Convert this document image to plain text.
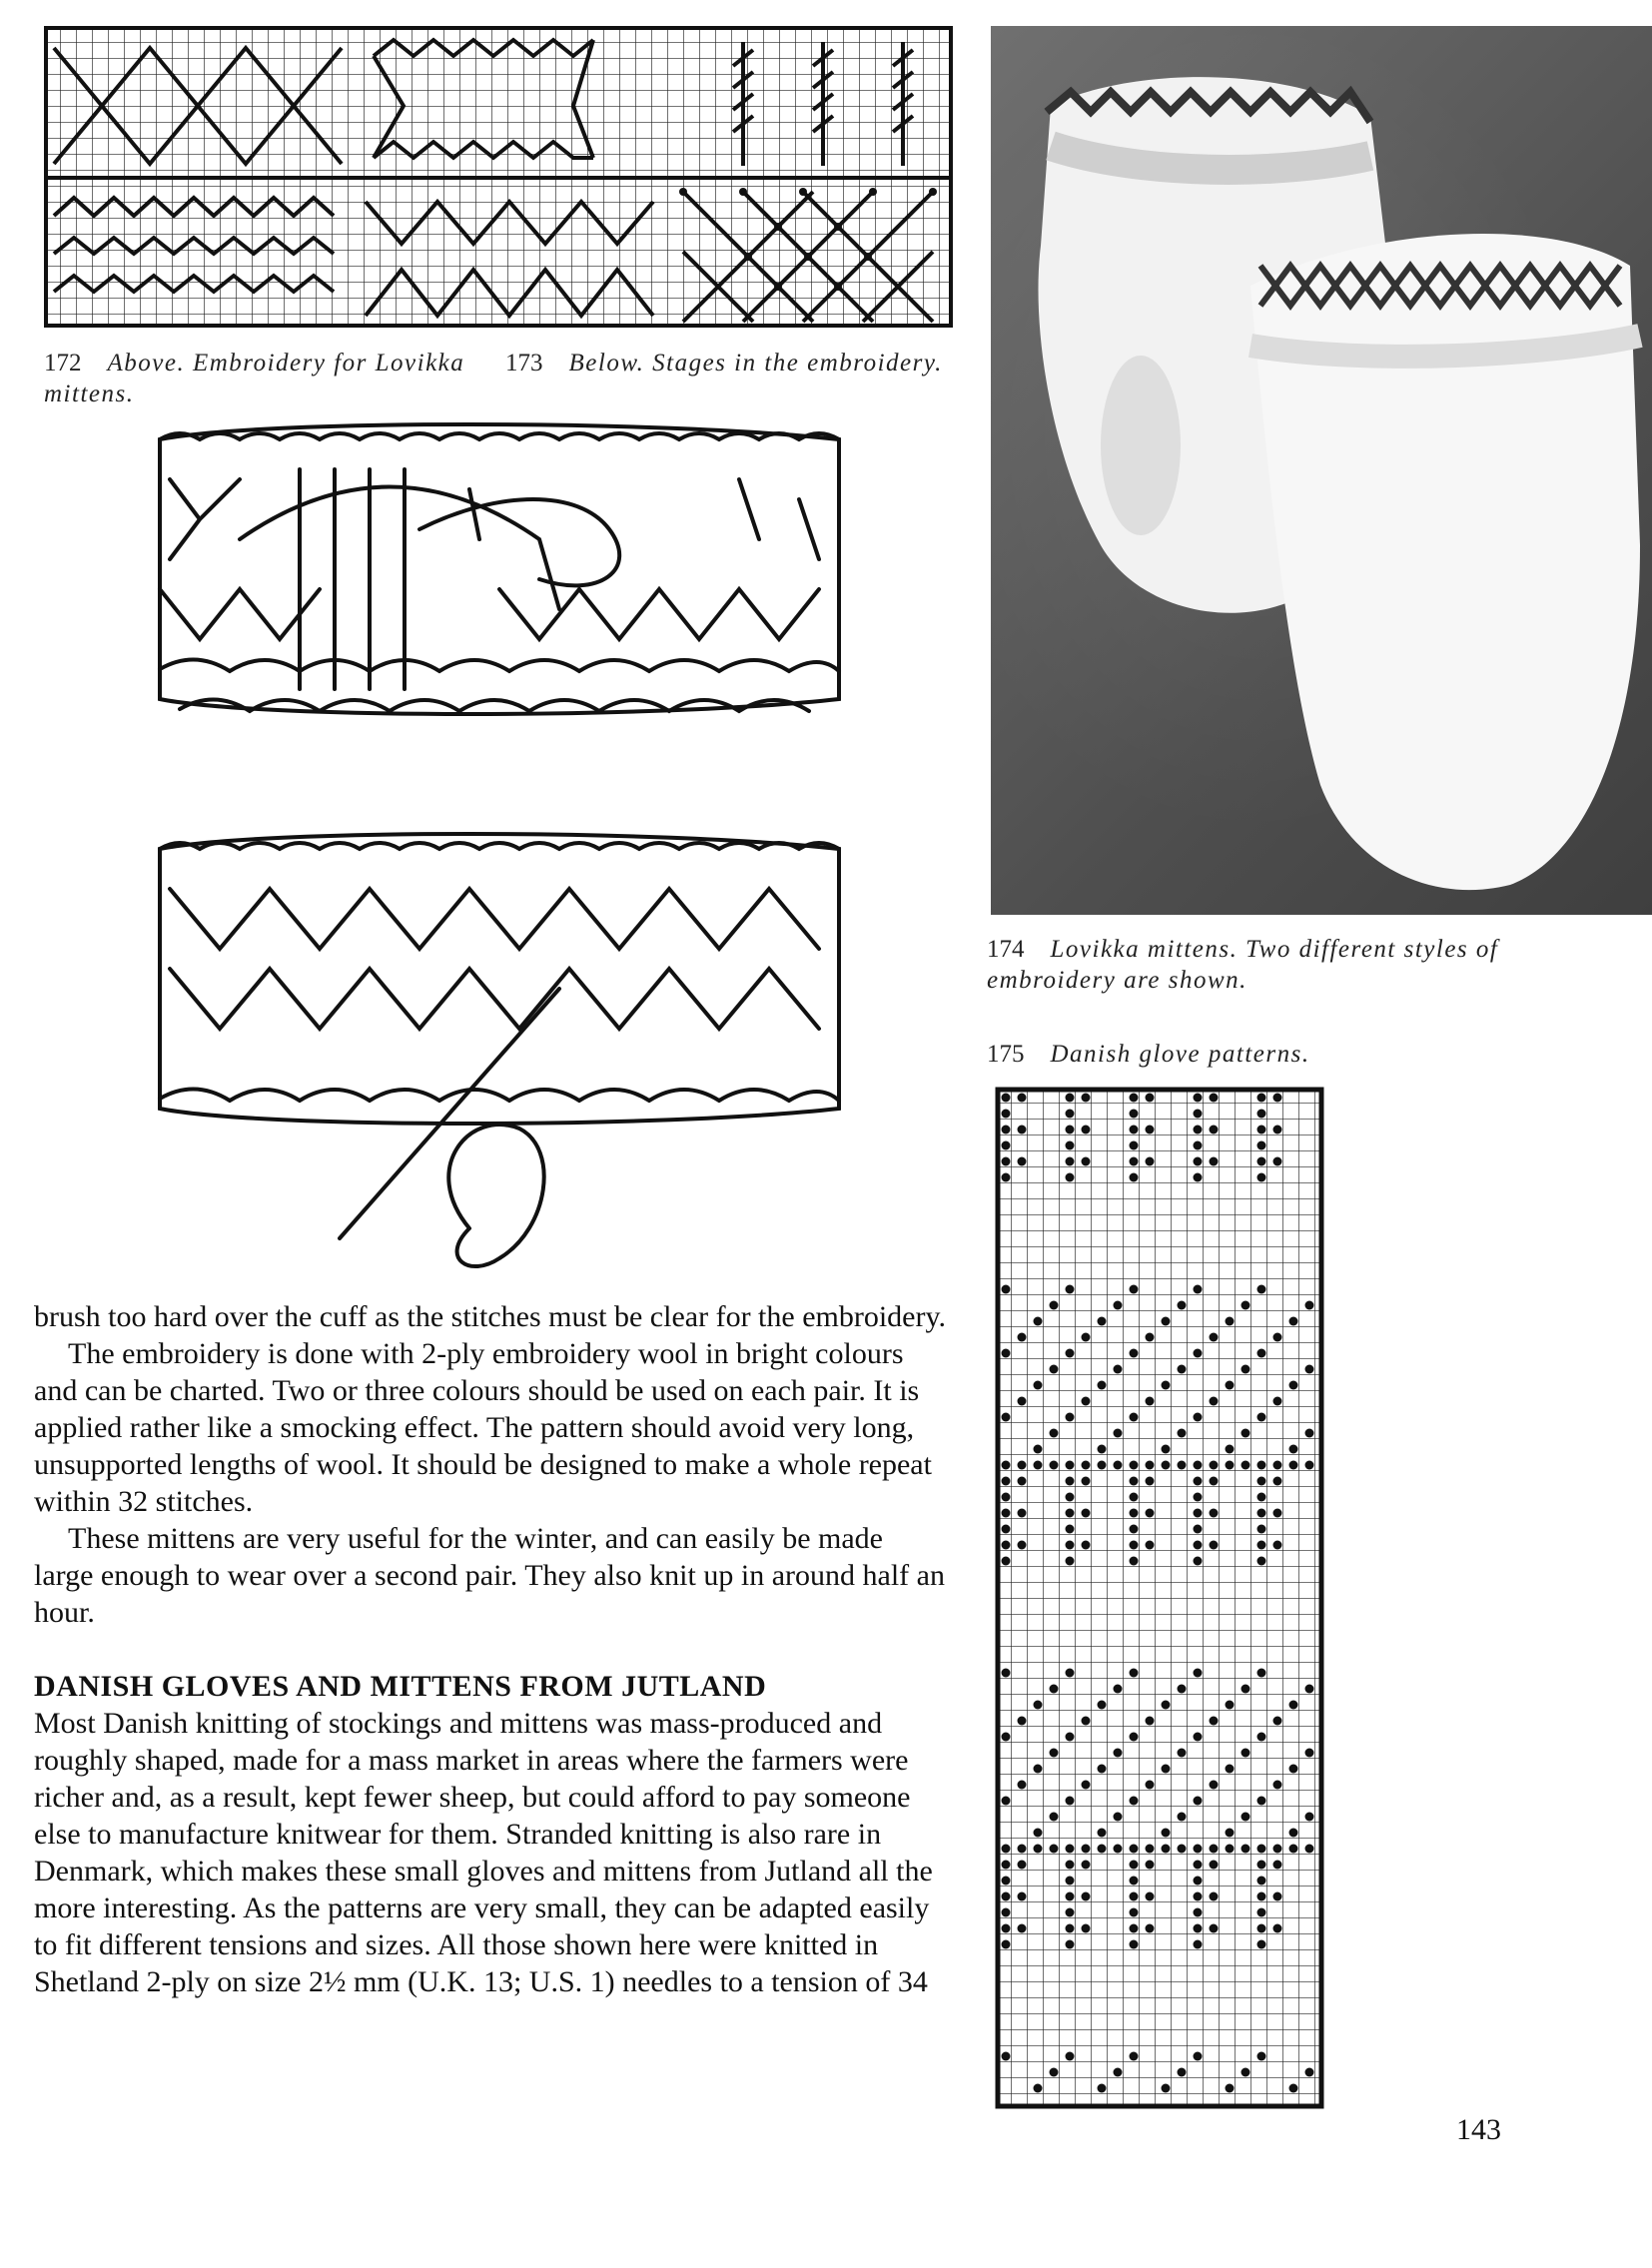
172 Above. Embroidery for Lovikka mittens.
173 Below. Stages in the embroidery.
174 Lovikka mittens. Two different styles of embroidery are shown.
175 Danish glove patterns.

brush too hard over the cuff as the stitches must be clear for the embroidery.

The embroidery is done with 2-ply embroidery wool in bright colours and can be charted. Two or three colours should be used on each pair. It is applied rather like a smocking effect. The pattern should avoid very long, unsupported lengths of wool. It should be designed to make a whole repeat within 32 stitches.

These mittens are very useful for the winter, and can easily be made large enough to wear over a second pair. They also knit up in around half an hour.

DANISH GLOVES AND MITTENS FROM JUTLAND

Most Danish knitting of stockings and mittens was mass-produced and roughly shaped, made for a mass market in areas where the farmers were richer and, as a result, kept fewer sheep, but could afford to pay someone else to manufacture knitwear for them. Stranded knitting is also rare in Denmark, which makes these small gloves and mittens from Jutland all the more interesting. As the patterns are very small, they can be adapted easily to fit different tensions and sizes. All those shown here were knitted in Shetland 2-ply on size 2½ mm (U.K. 13; U.S. 1) needles to a tension of 34

143
